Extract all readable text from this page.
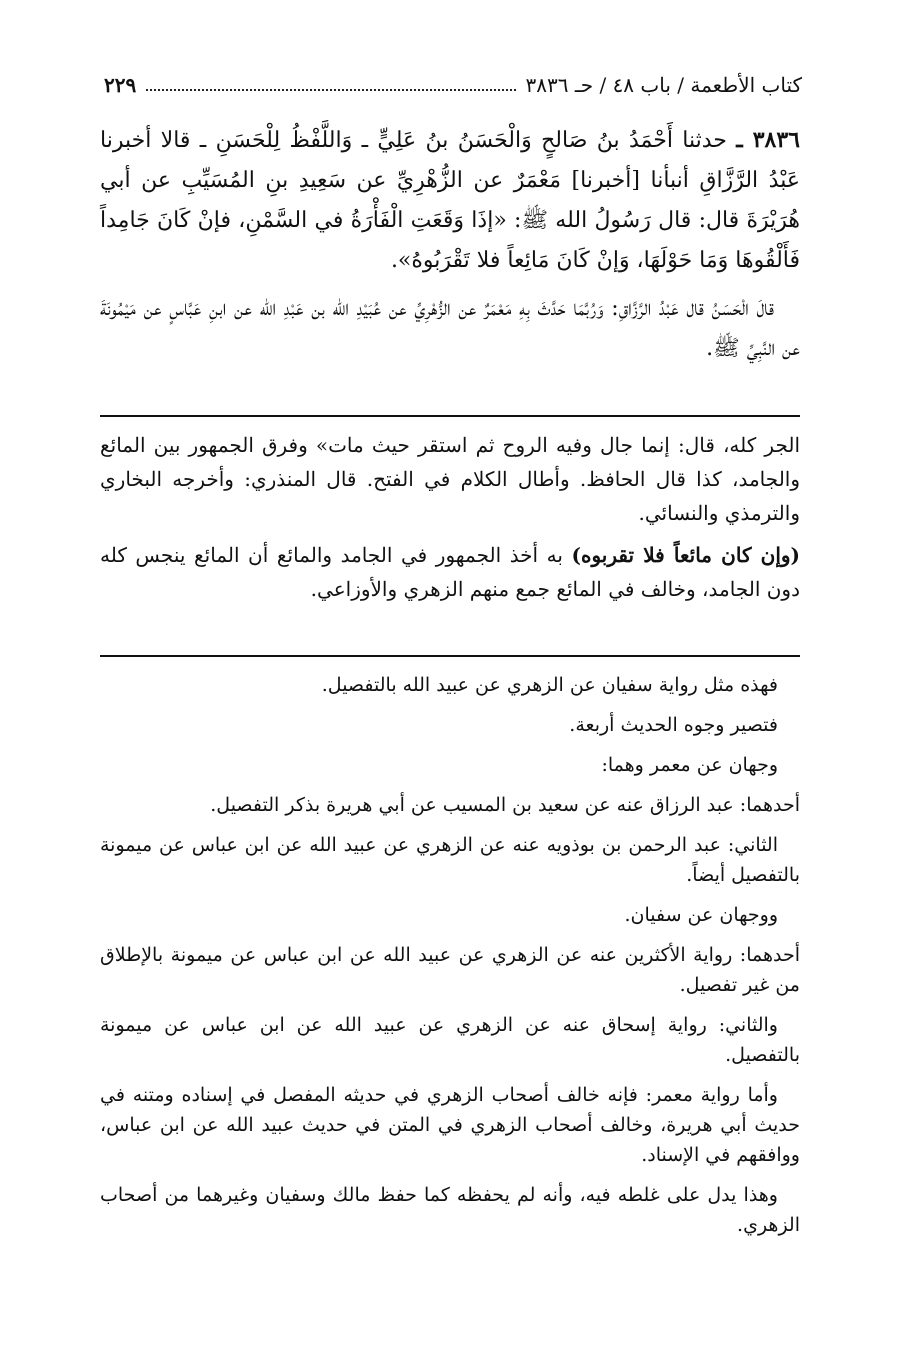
كتاب الأطعمة / باب ٤٨ / حـ ٣٨٣٦
٢٢٩

٣٨٣٦ ـ حدثنا أَحْمَدُ بنُ صَالحٍ وَالْحَسَنُ بنُ عَلِيٍّ ـ وَاللَّفْظُ لِلْحَسَنِ ـ قالا أخبرنا عَبْدُ الرَّزَّاقِ أنبأنا [أخبرنا] مَعْمَرٌ عن الزُّهْرِيِّ عن سَعِيدِ بنِ المُسَيِّبِ عن أبي هُرَيْرَةَ قال: قال رَسُولُ الله ﷺ: «إذَا وَقَعَتِ الْفَأْرَةُ في السَّمْنِ، فإنْ كَانَ جَامِداً فَأَلْقُوهَا وَمَا حَوْلَهَا، وَإنْ كَانَ مَائِعاً فلا تَقْرَبُوهُ».

قالَ الْحَسَنُ قال عَبْدُ الرَّزَّاقِ: وَرُبَّمَا حَدَّثَ بِهِ مَعْمَرٌ عن الزُّهْرِيِّ عن عُبَيْدِ الله بن عَبْدِ الله عن ابنِ عَبَّاسٍ عن مَيْمُونَةَ عن النَّبِيِّ ﷺ.

الجر كله، قال: إنما جال وفيه الروح ثم استقر حيث مات» وفرق الجمهور بين المائع والجامد، كذا قال الحافظ. وأطال الكلام في الفتح. قال المنذري: وأخرجه البخاري والترمذي والنسائي.

(وإن كان مائعاً فلا تقربوه) به أخذ الجمهور في الجامد والمائع أن المائع ينجس كله دون الجامد، وخالف في المائع جمع منهم الزهري والأوزاعي.

فهذه مثل رواية سفيان عن الزهري عن عبيد الله بالتفصيل.

فتصير وجوه الحديث أربعة.

وجهان عن معمر وهما:

أحدهما: عبد الرزاق عنه عن سعيد بن المسيب عن أبي هريرة بذكر التفصيل.

الثاني: عبد الرحمن بن بوذويه عنه عن الزهري عن عبيد الله عن ابن عباس عن ميمونة بالتفصيل أيضاً.

ووجهان عن سفيان.

أحدهما: رواية الأكثرين عنه عن الزهري عن عبيد الله عن ابن عباس عن ميمونة بالإطلاق من غير تفصيل.

والثاني: رواية إسحاق عنه عن الزهري عن عبيد الله عن ابن عباس عن ميمونة بالتفصيل.

وأما رواية معمر: فإنه خالف أصحاب الزهري في حديثه المفصل في إسناده ومتنه في حديث أبي هريرة، وخالف أصحاب الزهري في المتن في حديث عبيد الله عن ابن عباس، ووافقهم في الإسناد.

وهذا يدل على غلطه فيه، وأنه لم يحفظه كما حفظ مالك وسفيان وغيرهما من أصحاب الزهري.
